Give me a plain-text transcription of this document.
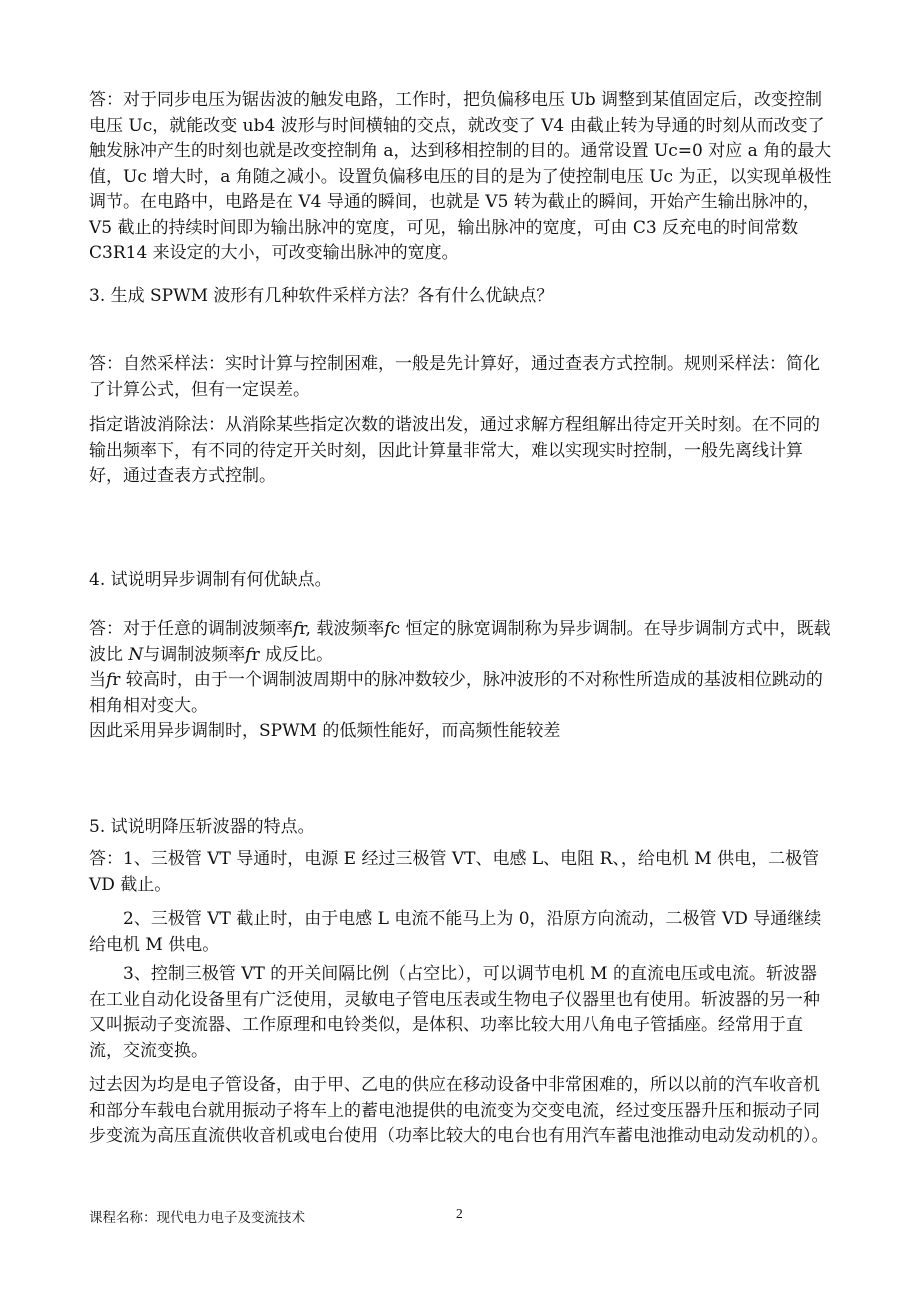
答：对于同步电压为锯齿波的触发电路，工作时，把负偏移电压 Ub 调整到某值固定后，改变控制电压 Uc，就能改变 ub4 波形与时间横轴的交点，就改变了 V4 由截止转为导通的时刻从而改变了触发脉冲产生的时刻也就是改变控制角 a，达到移相控制的目的。通常设置 Uc=0 对应 a 角的最大值，Uc 增大时，a 角随之减小。设置负偏移电压的目的是为了使控制电压 Uc 为正，以实现单极性调节。在电路中，电路是在 V4 导通的瞬间，也就是 V5 转为截止的瞬间，开始产生输出脉冲的，V5 截止的持续时间即为输出脉冲的宽度，可见，输出脉冲的宽度，可由 C3 反充电的时间常数 C3R14 来设定的大小，可改变输出脉冲的宽度。

3. 生成 SPWM 波形有几种软件采样方法？各有什么优缺点？

答：自然采样法：实时计算与控制困难，一般是先计算好，通过查表方式控制。规则采样法：简化了计算公式，但有一定误差。

指定谐波消除法：从消除某些指定次数的谐波出发，通过求解方程组解出待定开关时刻。在不同的输出频率下，有不同的待定开关时刻，因此计算量非常大，难以实现实时控制，一般先离线计算好，通过查表方式控制。

4. 试说明异步调制有何优缺点。

答：对于任意的调制波频率𝑓r, 载波频率𝑓c 恒定的脉宽调制称为异步调制。在导步调制方式中，既载波比 𝑁与调制波频率𝑓r 成反比。
当𝑓r 较高时，由于一个调制波周期中的脉冲数较少，脉冲波形的不对称性所造成的基波相位跳动的相角相对变大。
因此采用异步调制时，SPWM 的低频性能好，而高频性能较差

5. 试说明降压斩波器的特点。

答：1、三极管 VT 导通时，电源 E 经过三极管 VT、电感 L、电阻 R、，给电机 M 供电，二极管 VD 截止。

2、三极管 VT 截止时，由于电感 L 电流不能马上为 0，沿原方向流动，二极管 VD 导通继续给电机 M 供电。

3、控制三极管 VT 的开关间隔比例（占空比），可以调节电机 M 的直流电压或电流。斩波器在工业自动化设备里有广泛使用，灵敏电子管电压表或生物电子仪器里也有使用。斩波器的另一种又叫振动子变流器、工作原理和电铃类似，是体积、功率比较大用八角电子管插座。经常用于直流，交流变换。

过去因为均是电子管设备，由于甲、乙电的供应在移动设备中非常困难的，所以以前的汽车收音机和部分车载电台就用振动子将车上的蓄电池提供的电流变为交变电流，经过变压器升压和振动子同步变流为高压直流供收音机或电台使用（功率比较大的电台也有用汽车蓄电池推动电动发动机的）。

课程名称：现代电力电子及变流技术	2
